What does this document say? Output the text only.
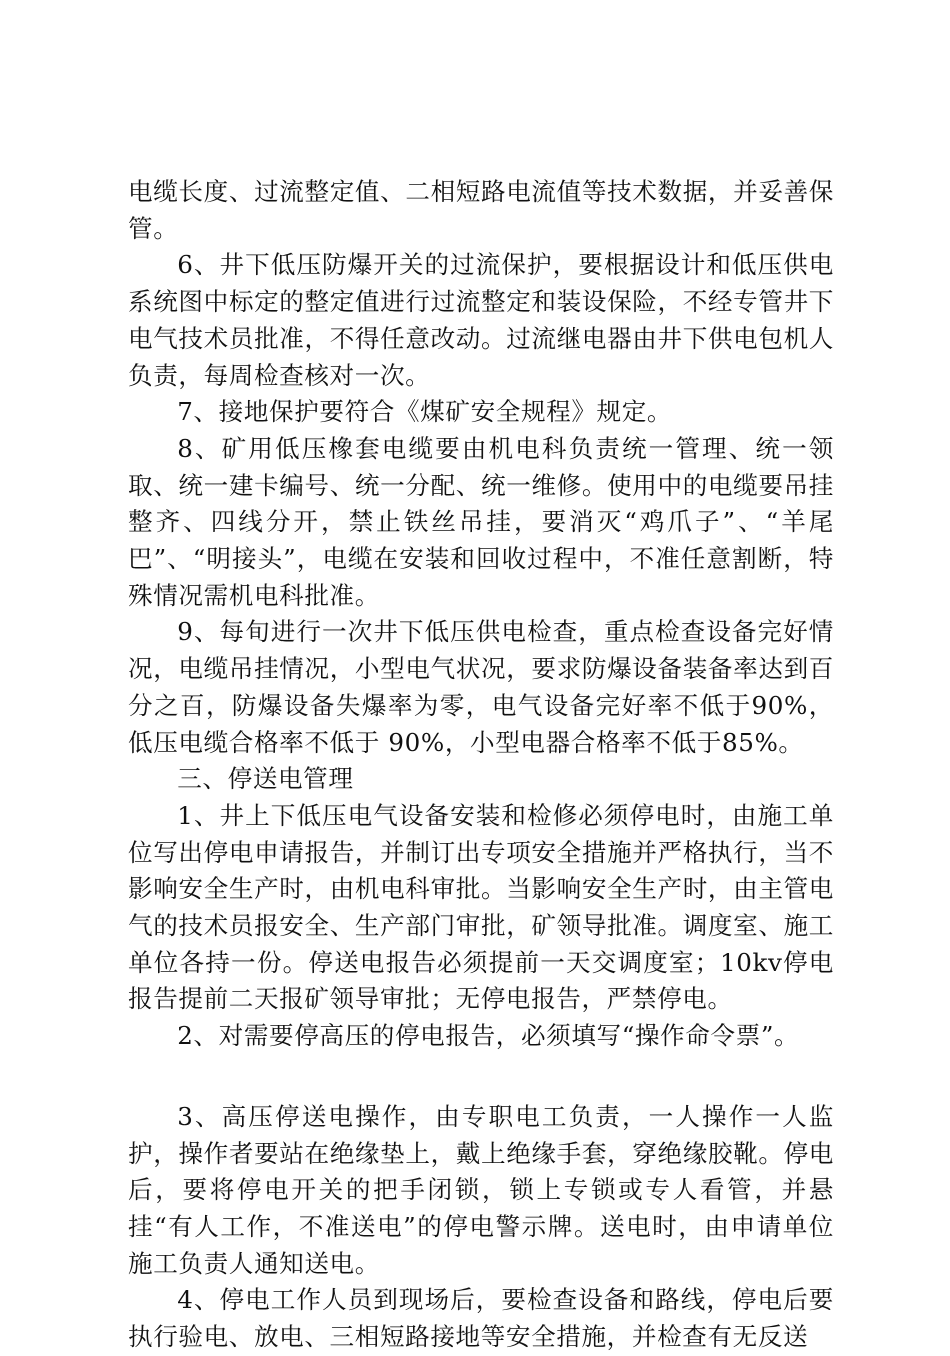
电缆长度、过流整定值、二相短路电流值等技术数据，并妥善保管。

6、井下低压防爆开关的过流保护，要根据设计和低压供电系统图中标定的整定值进行过流整定和装设保险，不经专管井下电气技术员批准，不得任意改动。过流继电器由井下供电包机人负责，每周检查核对一次。

7、接地保护要符合《煤矿安全规程》规定。

8、矿用低压橡套电缆要由机电科负责统一管理、统一领取、统一建卡编号、统一分配、统一维修。使用中的电缆要吊挂整齐、四线分开，禁止铁丝吊挂，要消灭“鸡爪子”、“羊尾巴”、“明接头”，电缆在安装和回收过程中，不准任意割断，特殊情况需机电科批准。

9、每旬进行一次井下低压供电检查，重点检查设备完好情况，电缆吊挂情况，小型电气状况，要求防爆设备装备率达到百分之百，防爆设备失爆率为零，电气设备完好率不低于90%，低压电缆合格率不低于 90%，小型电器合格率不低于85%。

三、停送电管理

1、井上下低压电气设备安装和检修必须停电时，由施工单位写出停电申请报告，并制订出专项安全措施并严格执行，当不影响安全生产时，由机电科审批。当影响安全生产时，由主管电气的技术员报安全、生产部门审批，矿领导批准。调度室、施工单位各持一份。停送电报告必须提前一天交调度室；10kv停电报告提前二天报矿领导审批；无停电报告，严禁停电。

2、对需要停高压的停电报告，必须填写“操作命令票”。

3、高压停送电操作，由专职电工负责，一人操作一人监护，操作者要站在绝缘垫上，戴上绝缘手套，穿绝缘胶靴。停电后，要将停电开关的把手闭锁，锁上专锁或专人看管，并悬挂“有人工作，不准送电”的停电警示牌。送电时，由申请单位施工负责人通知送电。

4、停电工作人员到现场后，要检查设备和路线，停电后要执行验电、放电、三相短路接地等安全措施，并检查有无反送
